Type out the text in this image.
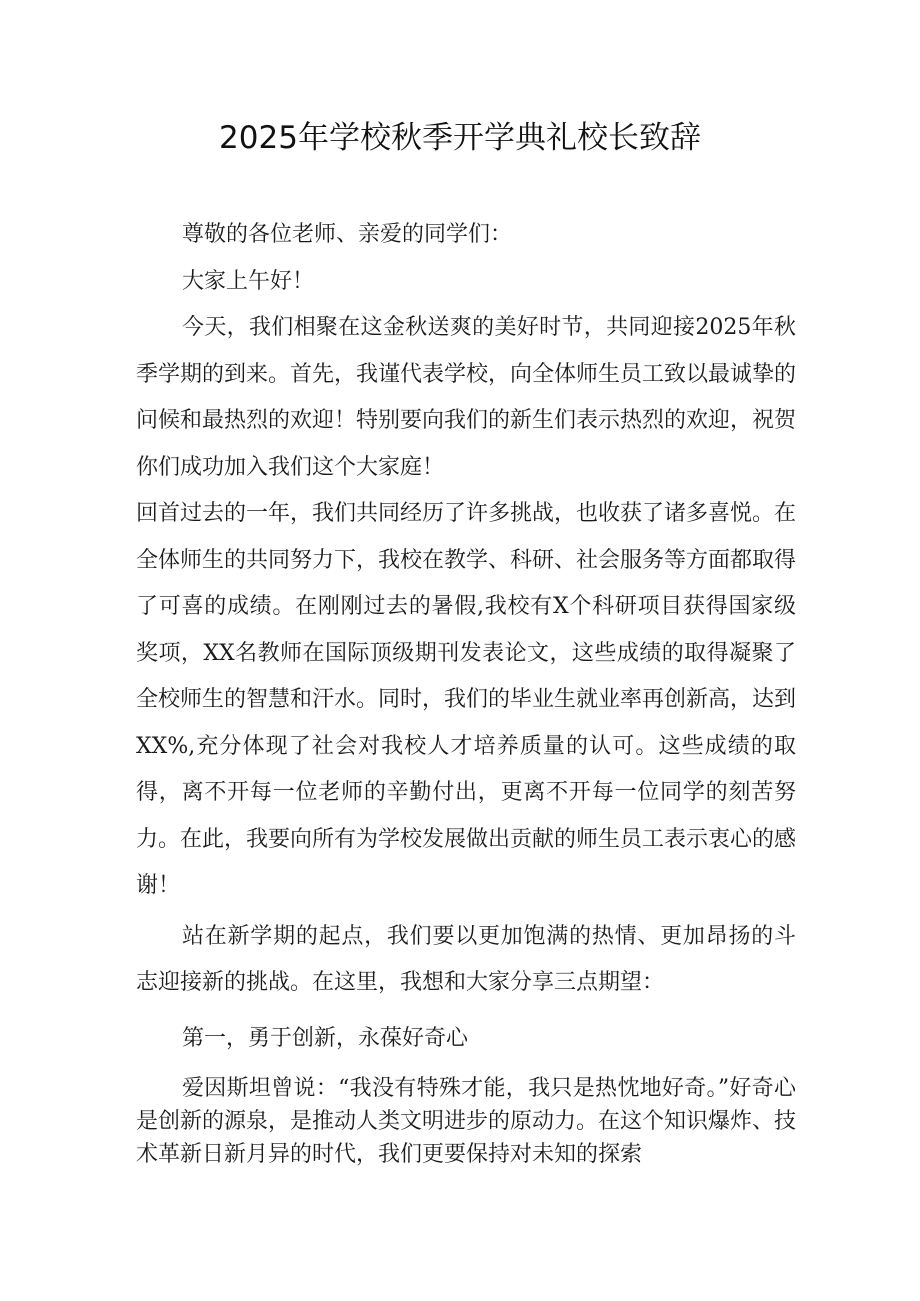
2025年学校秋季开学典礼校长致辞

尊敬的各位老师、亲爱的同学们：

大家上午好！

今天，我们相聚在这金秋送爽的美好时节，共同迎接2025年秋季学期的到来。首先，我谨代表学校，向全体师生员工致以最诚挚的问候和最热烈的欢迎！特别要向我们的新生们表示热烈的欢迎，祝贺你们成功加入我们这个大家庭！

回首过去的一年，我们共同经历了许多挑战，也收获了诸多喜悦。在全体师生的共同努力下，我校在教学、科研、社会服务等方面都取得了可喜的成绩。在刚刚过去的暑假,我校有X个科研项目获得国家级奖项，XX名教师在国际顶级期刊发表论文，这些成绩的取得凝聚了全校师生的智慧和汗水。同时，我们的毕业生就业率再创新高，达到XX%,充分体现了社会对我校人才培养质量的认可。这些成绩的取得，离不开每一位老师的辛勤付出，更离不开每一位同学的刻苦努力。在此，我要向所有为学校发展做出贡献的师生员工表示衷心的感谢！

站在新学期的起点，我们要以更加饱满的热情、更加昂扬的斗志迎接新的挑战。在这里，我想和大家分享三点期望：

第一，勇于创新，永葆好奇心

爱因斯坦曾说：“我没有特殊才能，我只是热忱地好奇。”好奇心是创新的源泉，是推动人类文明进步的原动力。在这个知识爆炸、技术革新日新月异的时代，我们更要保持对未知的探索
